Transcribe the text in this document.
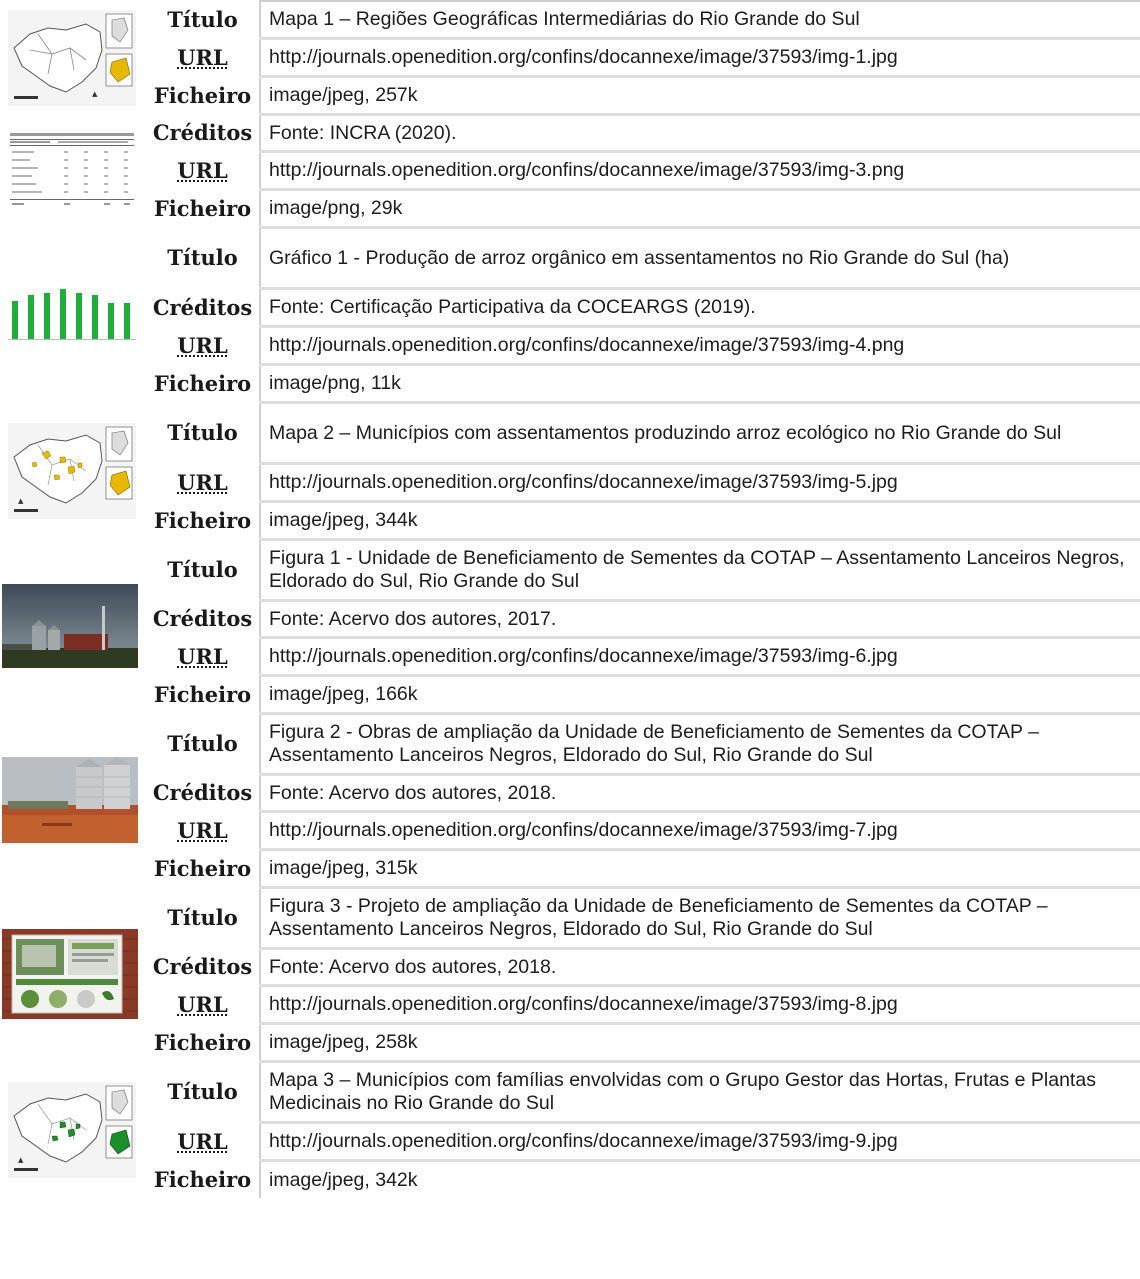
▲	Título	Mapa 1 – Regiões Geográficas Intermediárias do Rio Grande do Sul
	URL	http://journals.openedition.org/confins/docannexe/image/37593/img-1.jpg
	Ficheiro	image/jpeg, 257k

	Créditos	Fonte: INCRA (2020).
	URL	http://journals.openedition.org/confins/docannexe/image/37593/img-3.png
	Ficheiro	image/png, 29k

	Título	Gráfico 1 - Produção de arroz orgânico em assentamentos no Rio Grande do Sul (ha)
	Créditos	Fonte: Certificação Participativa da COCEARGS (2019).
	URL	http://journals.openedition.org/confins/docannexe/image/37593/img-4.png
	Ficheiro	image/png, 11k

▲	Título	Mapa 2 – Municípios com assentamentos produzindo arroz ecológico no Rio Grande do Sul
	URL	http://journals.openedition.org/confins/docannexe/image/37593/img-5.jpg
	Ficheiro	image/jpeg, 344k

	Título	Figura 1 - Unidade de Beneficiamento de Sementes da COTAP – Assentamento Lanceiros Negros, Eldorado do Sul, Rio Grande do Sul
	Créditos	Fonte: Acervo dos autores, 2017.
	URL	http://journals.openedition.org/confins/docannexe/image/37593/img-6.jpg
	Ficheiro	image/jpeg, 166k

	Título	Figura 2 - Obras de ampliação da Unidade de Beneficiamento de Sementes da COTAP – Assentamento Lanceiros Negros, Eldorado do Sul, Rio Grande do Sul
	Créditos	Fonte: Acervo dos autores, 2018.
	URL	http://journals.openedition.org/confins/docannexe/image/37593/img-7.jpg
	Ficheiro	image/jpeg, 315k

	Título	Figura 3 - Projeto de ampliação da Unidade de Beneficiamento de Sementes da COTAP – Assentamento Lanceiros Negros, Eldorado do Sul, Rio Grande do Sul
	Créditos	Fonte: Acervo dos autores, 2018.
	URL	http://journals.openedition.org/confins/docannexe/image/37593/img-8.jpg
	Ficheiro	image/jpeg, 258k

▲	Título	Mapa 3 – Municípios com famílias envolvidas com o Grupo Gestor das Hortas, Frutas e Plantas Medicinais no Rio Grande do Sul
	URL	http://journals.openedition.org/confins/docannexe/image/37593/img-9.jpg
	Ficheiro	image/jpeg, 342k
